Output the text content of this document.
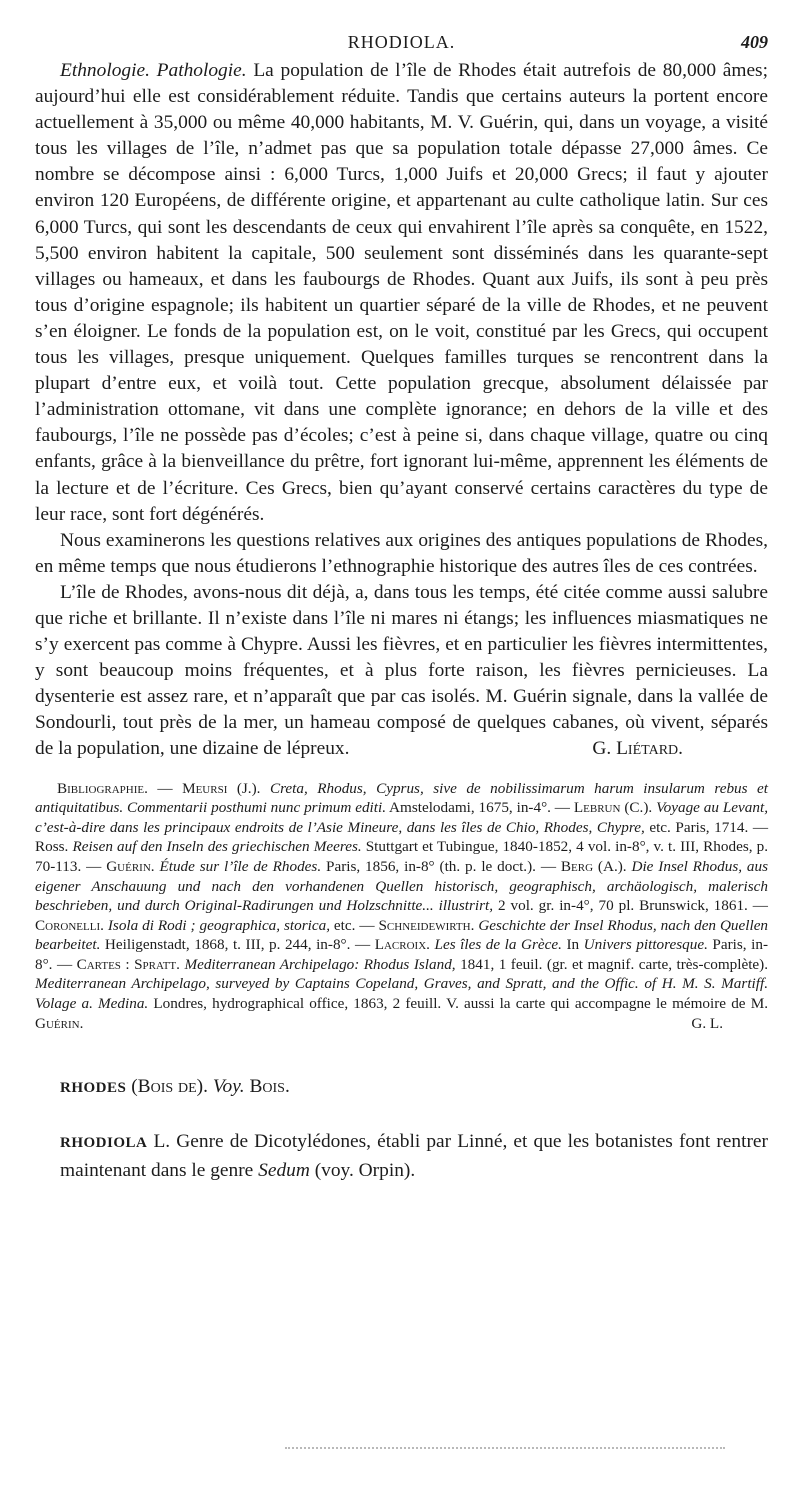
RHODIOLA.	409

Ethnologie. Pathologie. La population de l’île de Rhodes était autrefois de 80,000 âmes; aujourd’hui elle est considérablement réduite. Tandis que certains auteurs la portent encore actuellement à 35,000 ou même 40,000 habitants, M. V. Guérin, qui, dans un voyage, a visité tous les villages de l’île, n’admet pas que sa population totale dépasse 27,000 âmes. Ce nombre se décompose ainsi : 6,000 Turcs, 1,000 Juifs et 20,000 Grecs; il faut y ajouter environ 120 Européens, de différente origine, et appartenant au culte catholique latin. Sur ces 6,000 Turcs, qui sont les descendants de ceux qui envahirent l’île après sa conquête, en 1522, 5,500 environ habitent la capitale, 500 seulement sont disséminés dans les quarante-sept villages ou hameaux, et dans les faubourgs de Rhodes. Quant aux Juifs, ils sont à peu près tous d’origine espagnole; ils habitent un quartier séparé de la ville de Rhodes, et ne peuvent s’en éloigner. Le fonds de la population est, on le voit, constitué par les Grecs, qui occupent tous les villages, presque uniquement. Quelques familles turques se rencontrent dans la plupart d’entre eux, et voilà tout. Cette population grecque, absolument délaissée par l’administration ottomane, vit dans une complète ignorance; en dehors de la ville et des faubourgs, l’île ne possède pas d’écoles; c’est à peine si, dans chaque village, quatre ou cinq enfants, grâce à la bienveillance du prêtre, fort ignorant lui-même, apprennent les éléments de la lecture et de l’écriture. Ces Grecs, bien qu’ayant conservé certains caractères du type de leur race, sont fort dégénérés.

Nous examinerons les questions relatives aux origines des antiques populations de Rhodes, en même temps que nous étudierons l’ethnographie historique des autres îles de ces contrées.

L’île de Rhodes, avons-nous dit déjà, a, dans tous les temps, été citée comme aussi salubre que riche et brillante. Il n’existe dans l’île ni mares ni étangs; les influences miasmatiques ne s’y exercent pas comme à Chypre. Aussi les fièvres, et en particulier les fièvres intermittentes, y sont beaucoup moins fréquentes, et à plus forte raison, les fièvres pernicieuses. La dysenterie est assez rare, et n’apparaît que par cas isolés. M. Guérin signale, dans la vallée de Sondourli, tout près de la mer, un hameau composé de quelques cabanes, où vivent, séparés de la population, une dizaine de lépreux.	G. Liétard.

Bibliographie. — Meursi (J.). Creta, Rhodus, Cyprus, sive de nobilissimarum harum insularum rebus et antiquitatibus. Commentarii posthumi nunc primum editi. Amstelodami, 1675, in-4°. — Lebrun (C.). Voyage au Levant, c’est-à-dire dans les principaux endroits de l’Asie Mineure, dans les îles de Chio, Rhodes, Chypre, etc. Paris, 1714. — Ross. Reisen auf den Inseln des griechischen Meeres. Stuttgart et Tubingue, 1840-1852, 4 vol. in-8°, v. t. III, Rhodes, p. 70-113. — Guérin. Étude sur l’île de Rhodes. Paris, 1856, in-8° (th. p. le doct.). — Berg (A.). Die Insel Rhodus, aus eigener Anschauung und nach den vorhandenen Quellen historisch, geographisch, archäologisch, malerisch beschrieben, und durch Original-Radirungen und Holzschnitte... illustrirt, 2 vol. gr. in-4°, 70 pl. Brunswick, 1861. — Coronelli. Isola di Rodi ; geographica, storica, etc. — Schneidewirth. Geschichte der Insel Rhodus, nach den Quellen bearbeitet. Heiligenstadt, 1868, t. III, p. 244, in-8°. — Lacroix. Les îles de la Grèce. In Univers pittoresque. Paris, in-8°. — Cartes : Spratt. Mediterranean Archipelago: Rhodus Island, 1841, 1 feuil. (gr. et magnif. carte, très-complète). Mediterranean Archipelago, surveyed by Captains Copeland, Graves, and Spratt, and the Offic. of H. M. S. Martiff. Volage a. Medina. Londres, hydrographical office, 1863, 2 feuill. V. aussi la carte qui accompagne le mémoire de M. Guérin.	G. L.

RHODES (Bois de). Voy. Bois.

RHODIOLA L. Genre de Dicotylédones, établi par Linné, et que les botanistes font rentrer maintenant dans le genre Sedum (voy. Orpin).
